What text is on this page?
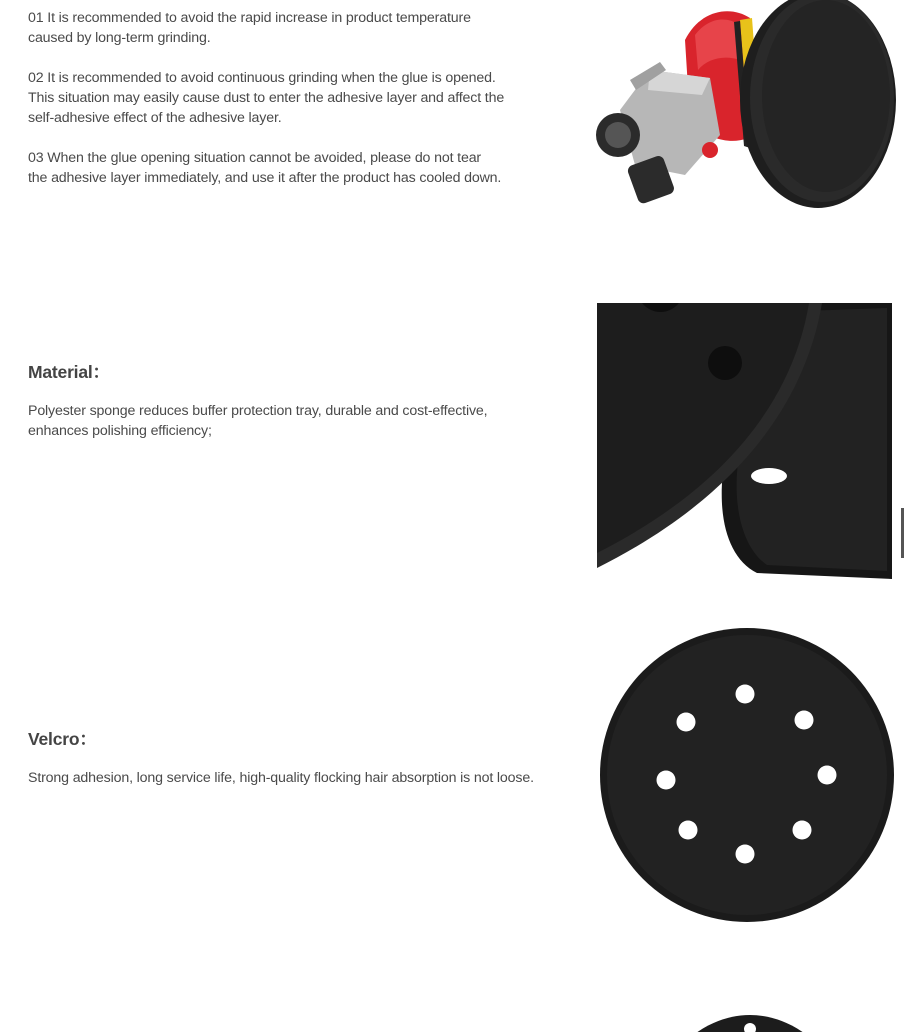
01 It is recommended to avoid the rapid increase in product temperature
caused by long-term grinding.
02 It is recommended to avoid continuous grinding when the glue is opened.
This situation may easily cause dust to enter the adhesive layer and affect the
self-adhesive effect of the adhesive layer.
03 When the glue opening situation cannot be avoided, please do not tear
the adhesive layer immediately, and use it after the product has cooled down.
Material：
Polyester sponge reduces buffer protection tray, durable and cost-effective,
enhances polishing efficiency;
Velcro：
Strong adhesion, long service life, high-quality flocking hair absorption is not loose.
